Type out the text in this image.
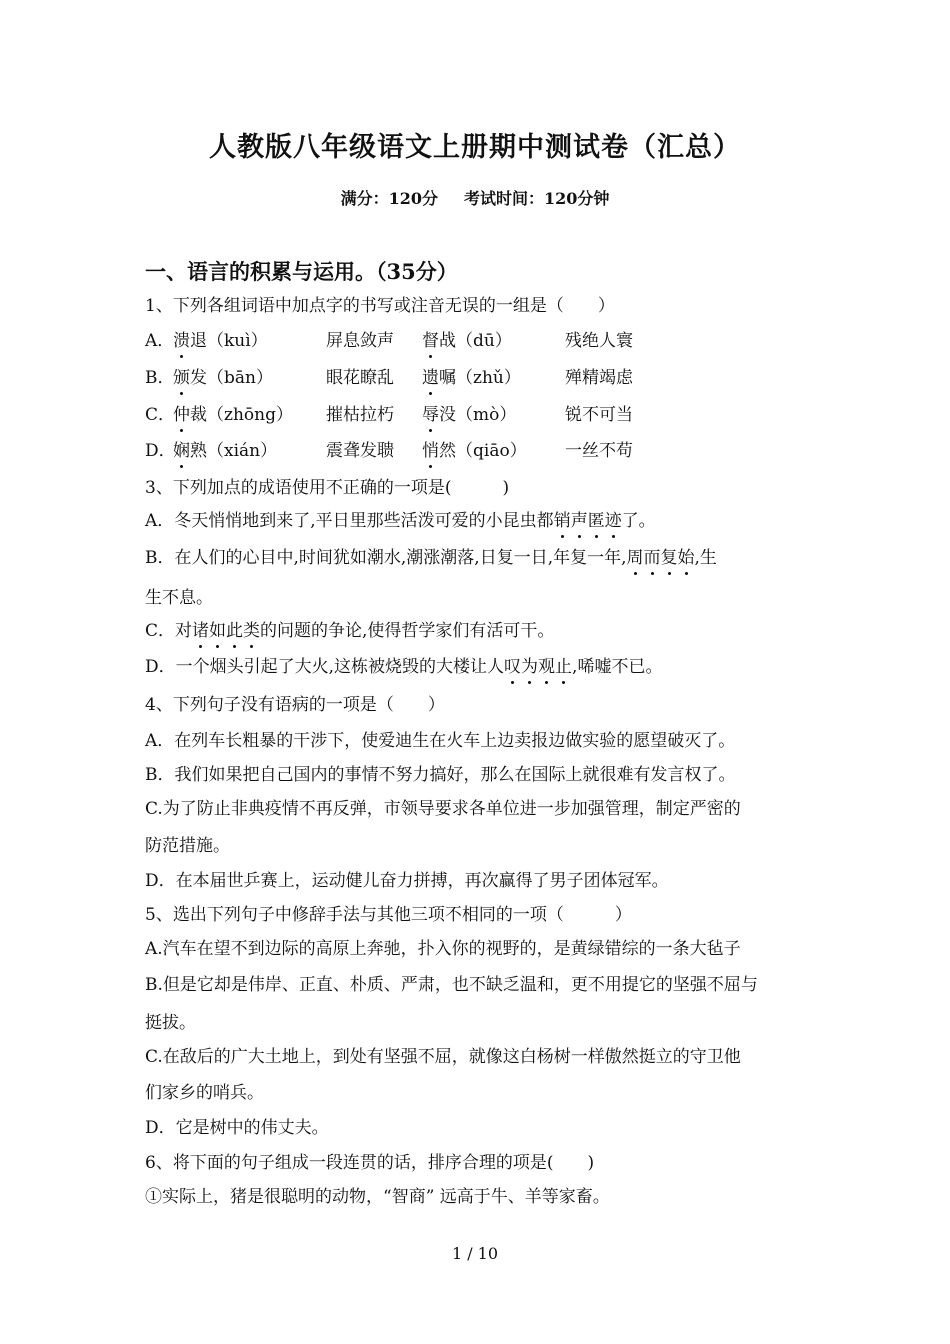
人教版八年级语文上册期中测试卷（汇总）
满分：120分 考试时间：120分钟
一、语言的积累与运用。（35分）
1、下列各组词语中加点字的书写或注音无误的一组是（　　）
A．
溃退（kuì）	屏息敛声 督战（dū）	残绝人寰
B．
颁发（bān）	眼花瞭乱 遗嘱（zhǔ）	殚精竭虑
C．
仲裁（zhōng） 摧枯拉朽 辱没（mò）	锐不可当
D．
娴熟（xián）	震聋发聩 悄然（qiāo） 一丝不苟
3、下列加点的成语使用不正确的一项是(　　　)
A．冬天悄悄地到来了,平日里那些活泼可爱的小昆虫都销声匿迹了。
B．在人们的心目中,时间犹如潮水,潮涨潮落,日复一日,年复一年,周而复始,生
生不息。
C．对诸如此类的问题的争论,使得哲学家们有活可干。
D．一个烟头引起了大火,这栋被烧毁的大楼让人叹为观止,唏嘘不已。
4、下列句子没有语病的一项是（　　）
A．在列车长粗暴的干涉下，使爱迪生在火车上边卖报边做实验的愿望破灭了。
B．我们如果把自己国内的事情不努力搞好，那么在国际上就很难有发言权了。
C.为了防止非典疫情不再反弹，市领导要求各单位进一步加强管理，制定严密的
防范措施。
D．在本届世乒赛上，运动健儿奋力拼搏，再次赢得了男子团体冠军。
5、选出下列句子中修辞手法与其他三项不相同的一项（　　　）
A.汽车在望不到边际的高原上奔驰，扑入你的视野的，是黄绿错综的一条大毡子
B.但是它却是伟岸、正直、朴质、严肃，也不缺乏温和，更不用提它的坚强不屈与
挺拔。
C.在敌后的广大土地上，到处有坚强不屈，就像这白杨树一样傲然挺立的守卫他
们家乡的哨兵。
D．它是树中的伟丈夫。
6、将下面的句子组成一段连贯的话，排序合理的项是(　　)
①实际上，猪是很聪明的动物，“智商” 远高于牛、羊等家畜。
1 / 10
